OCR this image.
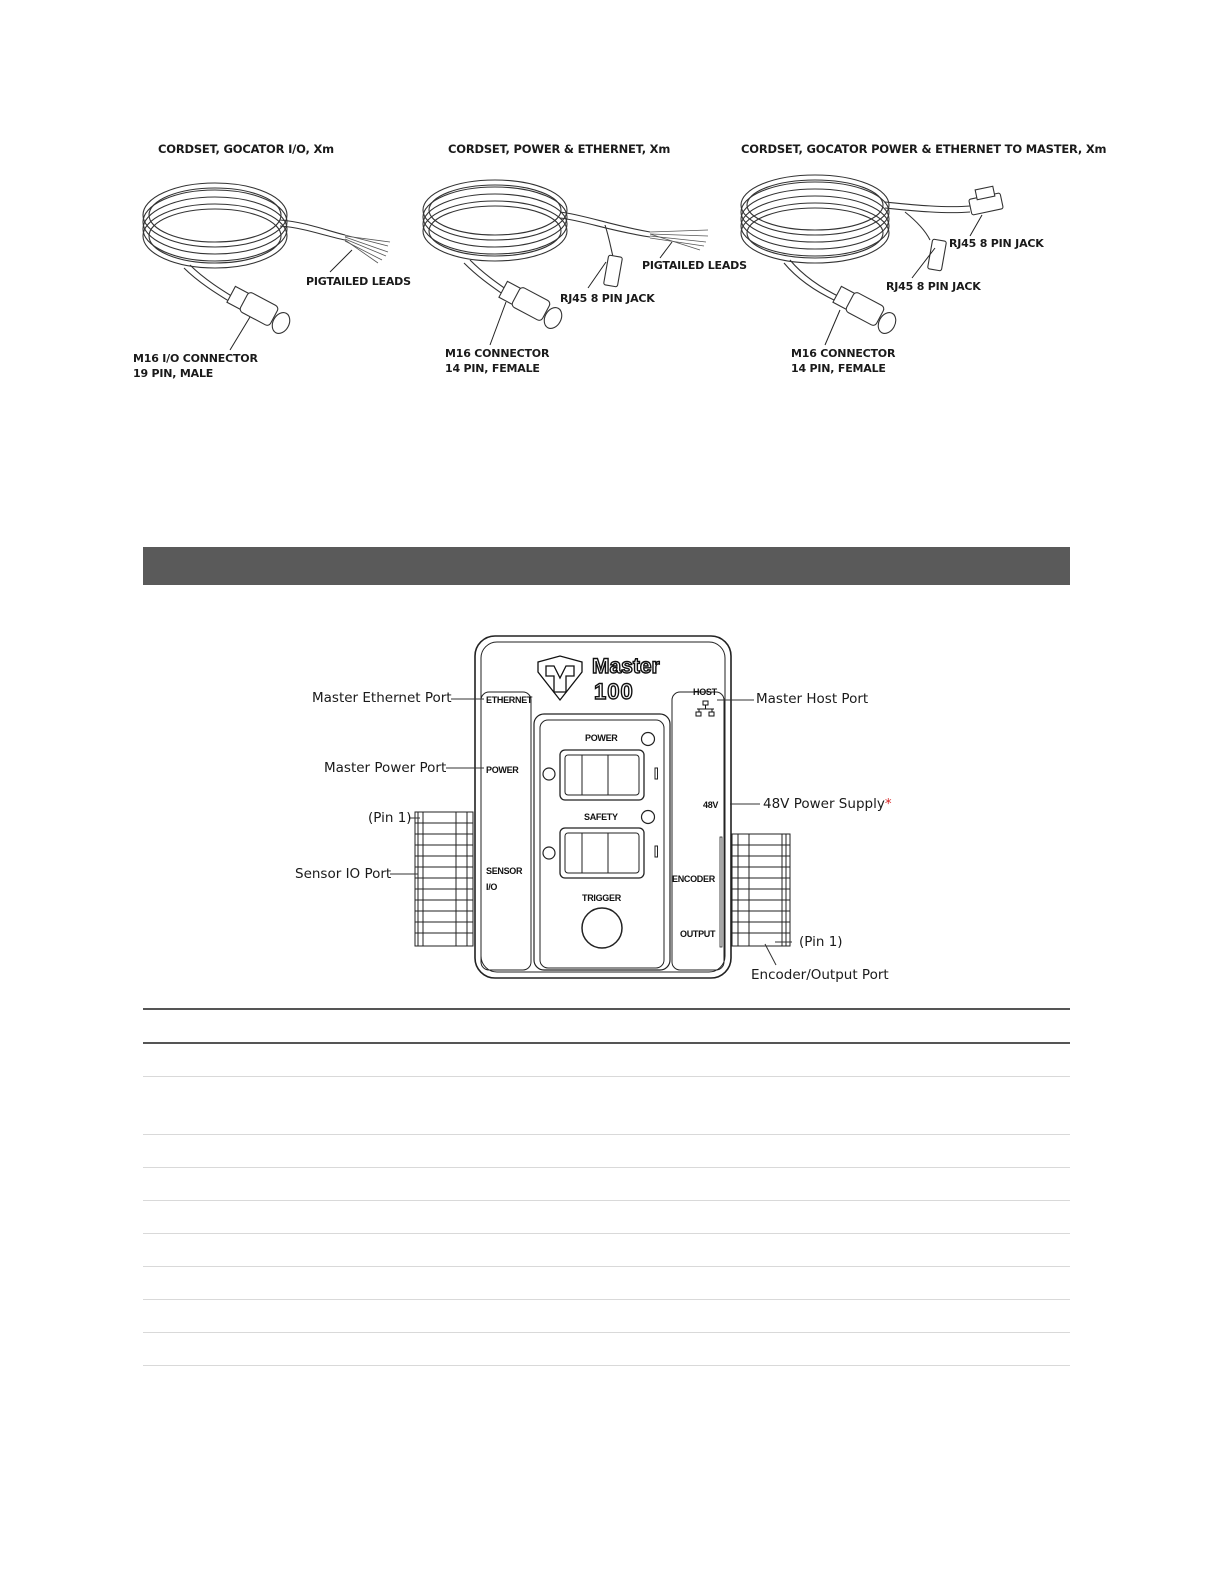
CORDSET, GOCATOR I/O, Xm
PIGTAILED LEADS
M16 I/O CONNECTOR
19 PIN, MALE
CORDSET, POWER & ETHERNET, Xm
PIGTAILED LEADS
RJ45 8 PIN JACK
M16 CONNECTOR
14 PIN, FEMALE
CORDSET, GOCATOR POWER & ETHERNET TO MASTER, Xm
RJ45 8 PIN JACK
RJ45 8 PIN JACK
M16 CONNECTOR
14 PIN, FEMALE
Master
100
ETHERNET
POWER
SENSOR
I/O
HOST
48V
ENCODER
OUTPUT
POWER
SAFETY
TRIGGER
Master Ethernet Port
Master Power Port
(Pin 1)
Sensor IO Port
Master Host Port
48V Power Supply*
(Pin 1)
Encoder/Output Port
